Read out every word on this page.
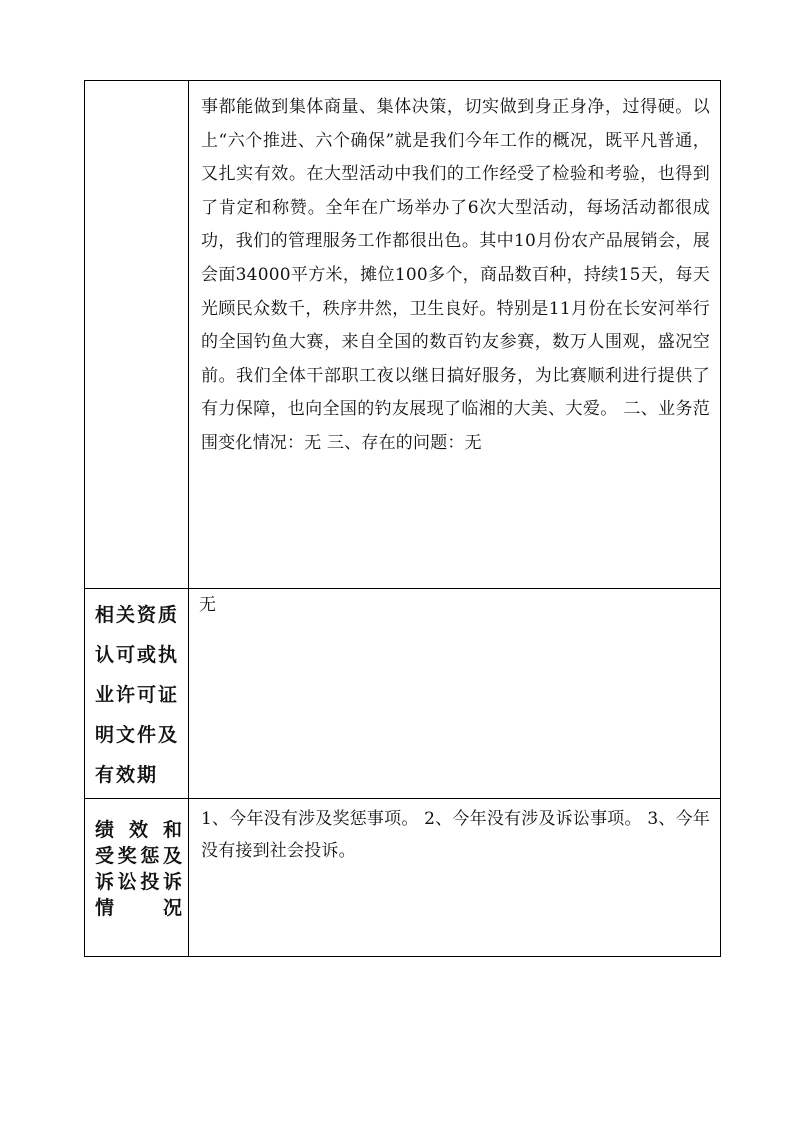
	事都能做到集体商量、集体决策，切实做到身正身净，过得硬。以上“六个推进、六个确保”就是我们今年工作的概况，既平凡普通，又扎实有效。在大型活动中我们的工作经受了检验和考验，也得到了肯定和称赞。全年在广场举办了6次大型活动，每场活动都很成功，我们的管理服务工作都很出色。其中10月份农产品展销会，展会面34000平方米，摊位100多个，商品数百种，持续15天，每天光顾民众数千，秩序井然，卫生良好。特别是11月份在长安河举行的全国钓鱼大赛，来自全国的数百钓友参赛，数万人围观，盛况空前。我们全体干部职工夜以继日搞好服务，为比赛顺利进行提供了有力保障，也向全国的钓友展现了临湘的大美、大爱。 二、业务范围变化情况：无 三、存在的问题：无

相关资质认可或执业许可证明文件及有效期	无

绩效和
受奖惩及
诉讼投诉
情况	1、今年没有涉及奖惩事项。 2、今年没有涉及诉讼事项。 3、今年没有接到社会投诉。
